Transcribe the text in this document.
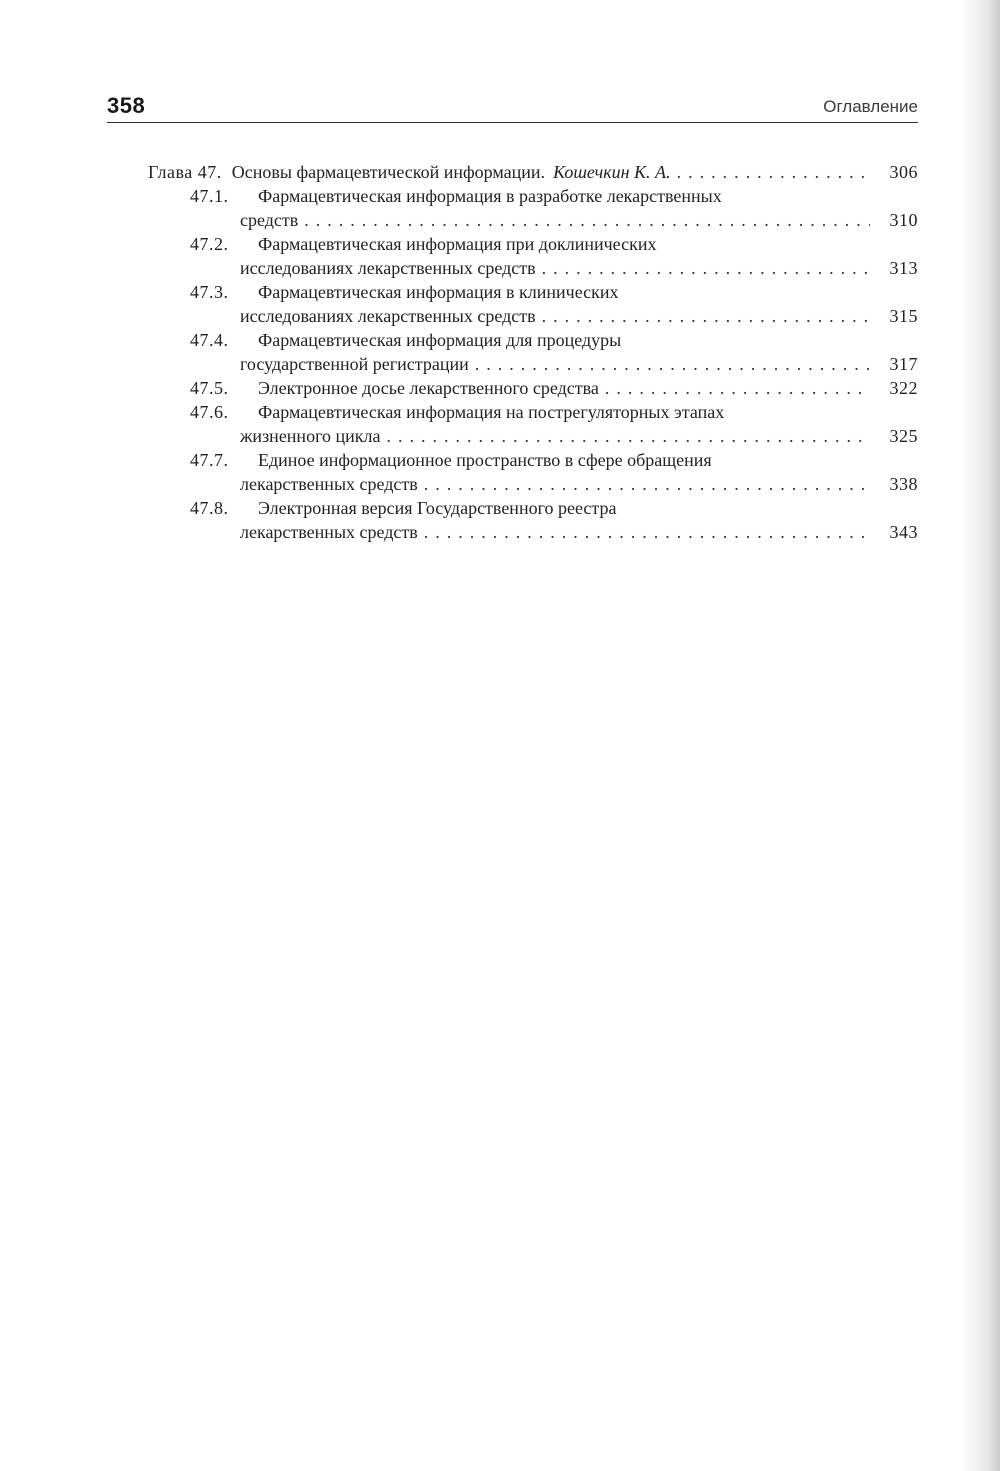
358	Оглавление
Глава 47. Основы фармацевтической информации. Кошечкин К. А. .....	306
47.1.	Фармацевтическая информация в разработке лекарственных
средств .....	310
47.2.	Фармацевтическая информация при доклинических
исследованиях лекарственных средств .....	313
47.3.	Фармацевтическая информация в клинических
исследованиях лекарственных средств .....	315
47.4.	Фармацевтическая информация для процедуры
государственной регистрации .....	317
47.5.	Электронное досье лекарственного средства .....	322
47.6.	Фармацевтическая информация на пострегуляторных этапах
жизненного цикла .....	325
47.7.	Единое информационное пространство в сфере обращения
лекарственных средств .....	338
47.8.	Электронная версия Государственного реестра
лекарственных средств .....	343
